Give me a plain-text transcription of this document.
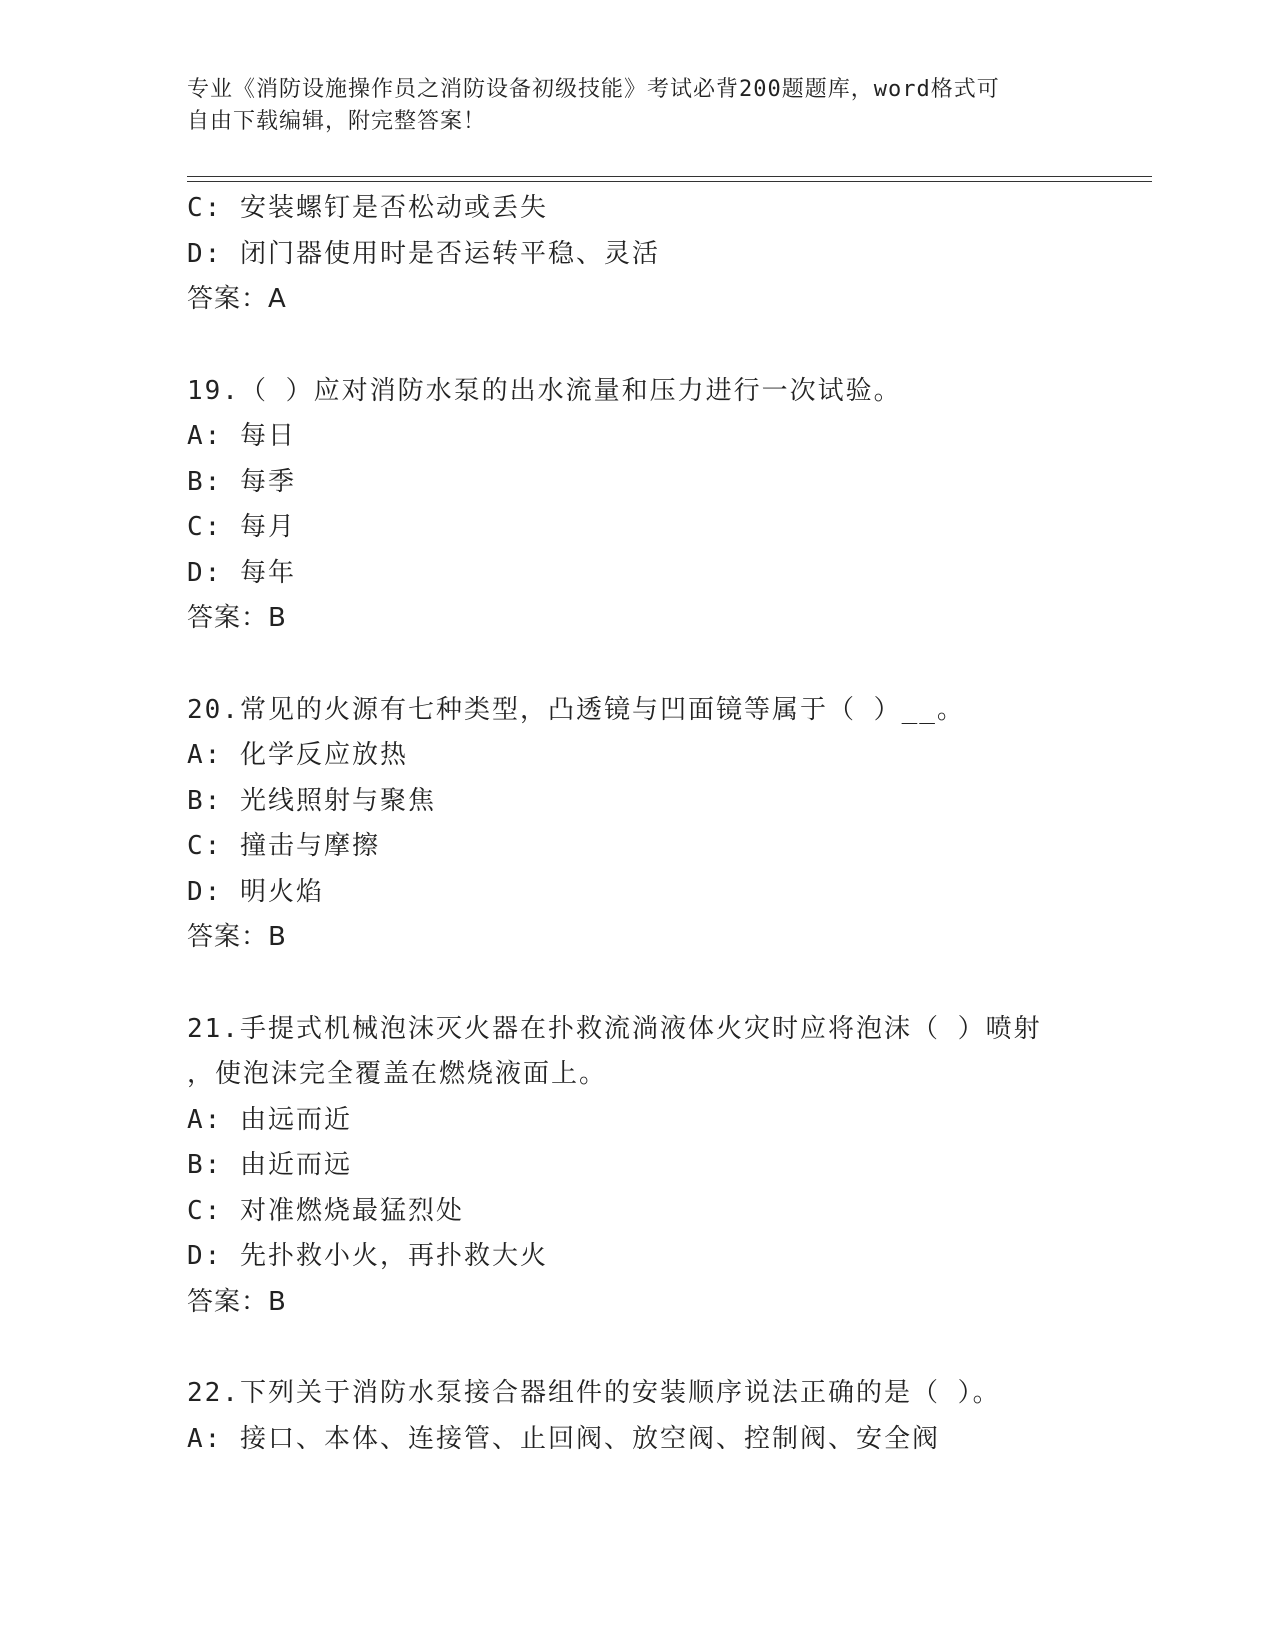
专业《消防设施操作员之消防设备初级技能》考试必背200题题库，word格式可
自由下载编辑，附完整答案！
C: 安装螺钉是否松动或丢失
D: 闭门器使用时是否运转平稳、灵活
答案：A
19.（ ）应对消防水泵的出水流量和压力进行一次试验。
A: 每日
B: 每季
C: 每月
D: 每年
答案：B
20.常见的火源有七种类型，凸透镜与凹面镜等属于（ ）__。
A: 化学反应放热
B: 光线照射与聚焦
C: 撞击与摩擦
D: 明火焰
答案：B
21.手提式机械泡沫灭火器在扑救流淌液体火灾时应将泡沫（ ）喷射
，使泡沫完全覆盖在燃烧液面上。
A: 由远而近
B: 由近而远
C: 对准燃烧最猛烈处
D: 先扑救小火，再扑救大火
答案：B
22.下列关于消防水泵接合器组件的安装顺序说法正确的是（ ）。
A: 接口、本体、连接管、止回阀、放空阀、控制阀、安全阀
